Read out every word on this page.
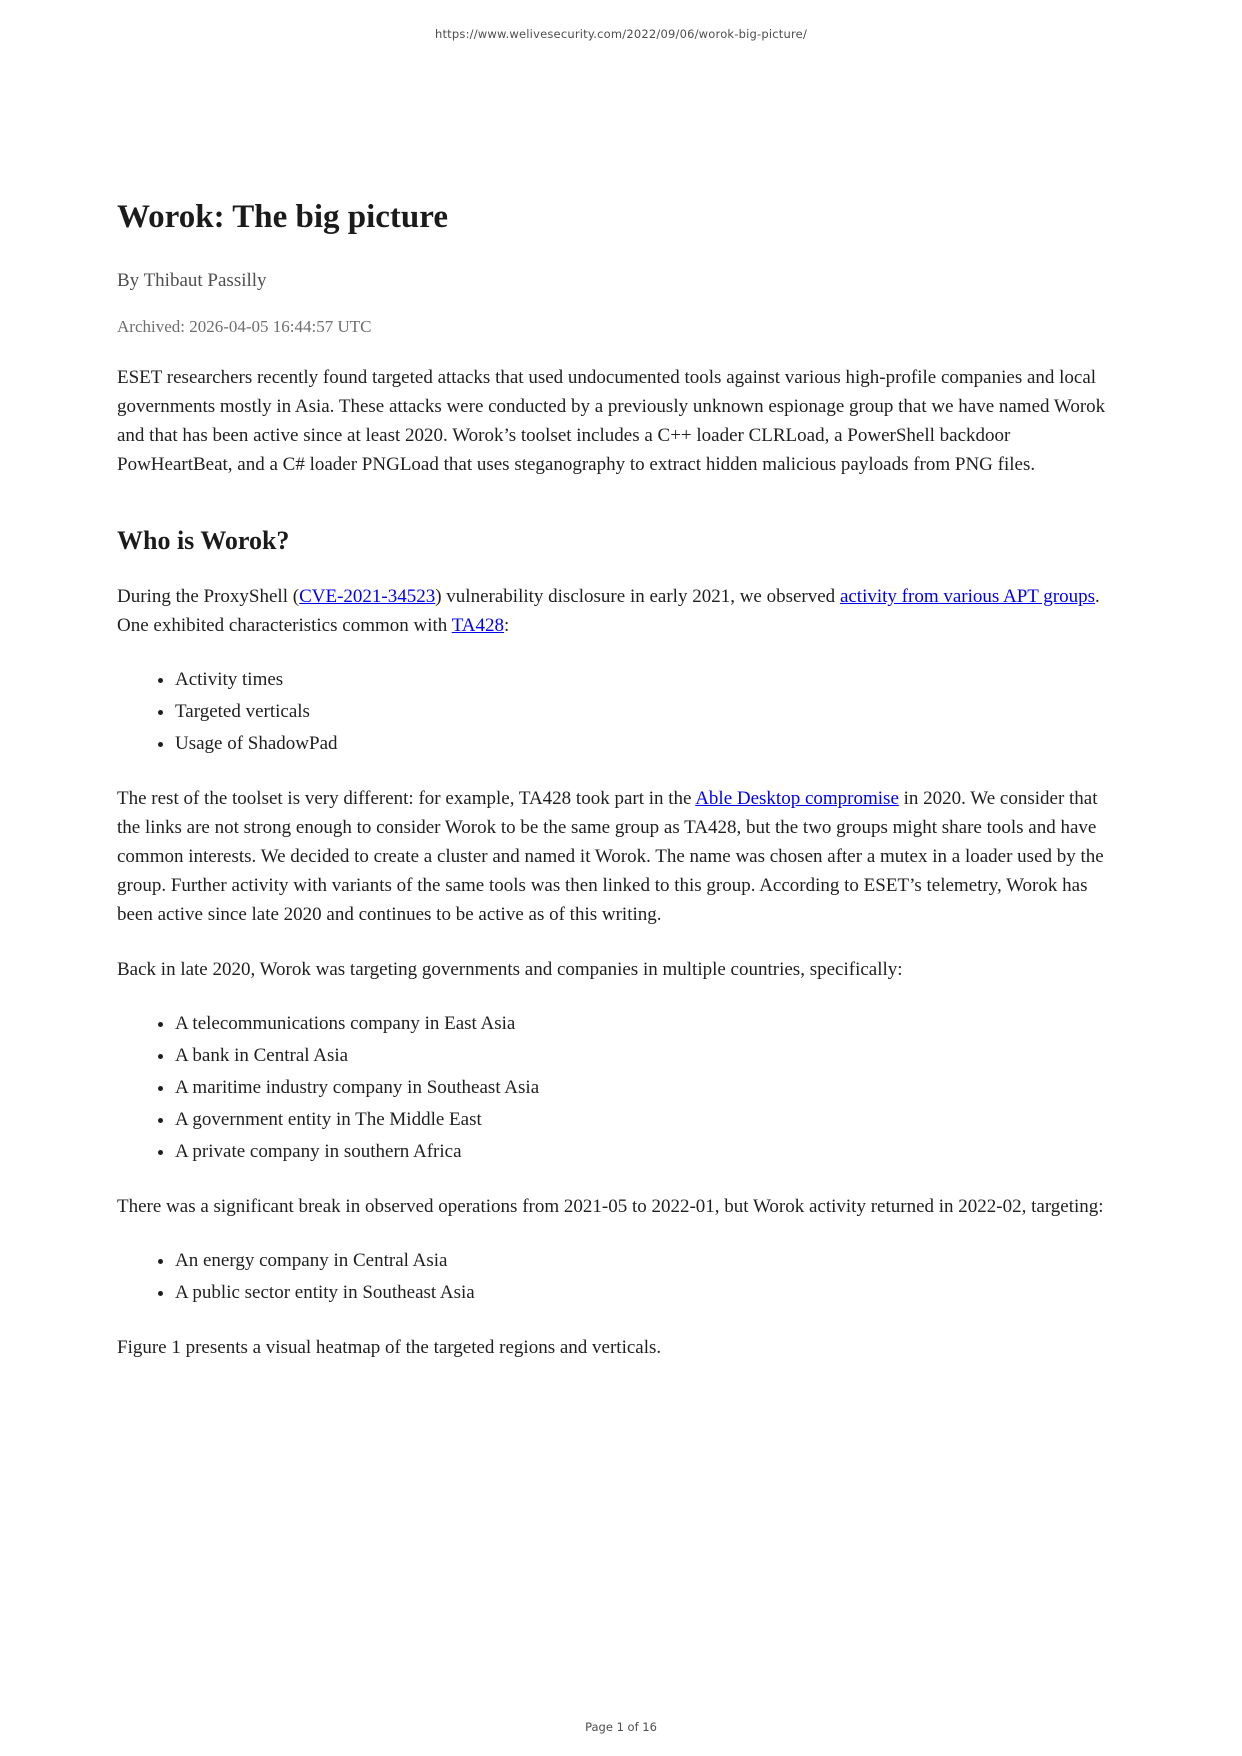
https://www.welivesecurity.com/2022/09/06/worok-big-picture/
Worok: The big picture
By Thibaut Passilly
Archived: 2026-04-05 16:44:57 UTC

ESET researchers recently found targeted attacks that used undocumented tools against various high-profile companies and local governments mostly in Asia. These attacks were conducted by a previously unknown espionage group that we have named Worok and that has been active since at least 2020. Worok’s toolset includes a C++ loader CLRLoad, a PowerShell backdoor PowHeartBeat, and a C# loader PNGLoad that uses steganography to extract hidden malicious payloads from PNG files.

Who is Worok?

During the ProxyShell (CVE-2021-34523) vulnerability disclosure in early 2021, we observed activity from various APT groups. One exhibited characteristics common with TA428:

• Activity times
• Targeted verticals
• Usage of ShadowPad

The rest of the toolset is very different: for example, TA428 took part in the Able Desktop compromise in 2020. We consider that the links are not strong enough to consider Worok to be the same group as TA428, but the two groups might share tools and have common interests. We decided to create a cluster and named it Worok. The name was chosen after a mutex in a loader used by the group. Further activity with variants of the same tools was then linked to this group. According to ESET’s telemetry, Worok has been active since late 2020 and continues to be active as of this writing.

Back in late 2020, Worok was targeting governments and companies in multiple countries, specifically:

• A telecommunications company in East Asia
• A bank in Central Asia
• A maritime industry company in Southeast Asia
• A government entity in The Middle East
• A private company in southern Africa

There was a significant break in observed operations from 2021-05 to 2022-01, but Worok activity returned in 2022-02, targeting:

• An energy company in Central Asia
• A public sector entity in Southeast Asia

Figure 1 presents a visual heatmap of the targeted regions and verticals.

Page 1 of 16
